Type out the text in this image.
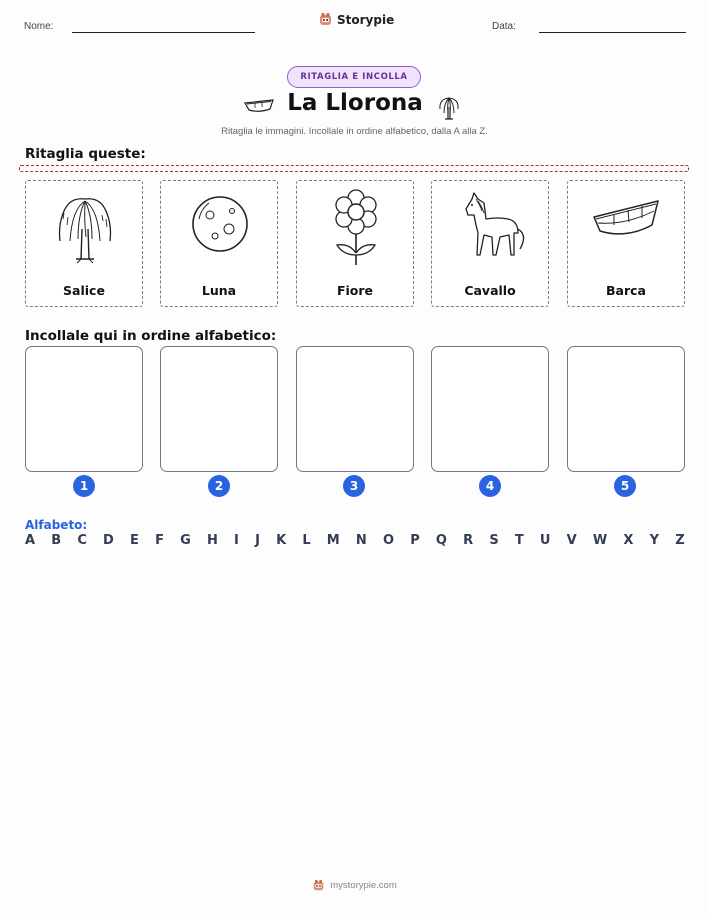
Nome:	Storypie	Data:
RITAGLIA E INCOLLA
La Llorona
Ritaglia le immagini. Incollale in ordine alfabetico, dalla A alla Z.
Ritaglia queste:
Salice	Luna	Fiore	Cavallo	Barca
Incollale qui in ordine alfabetico:
1	2	3	4	5
Alfabeto:
A B C D E F G H I J K L M N O P Q R S T U V W X Y Z
mystorypie.com
